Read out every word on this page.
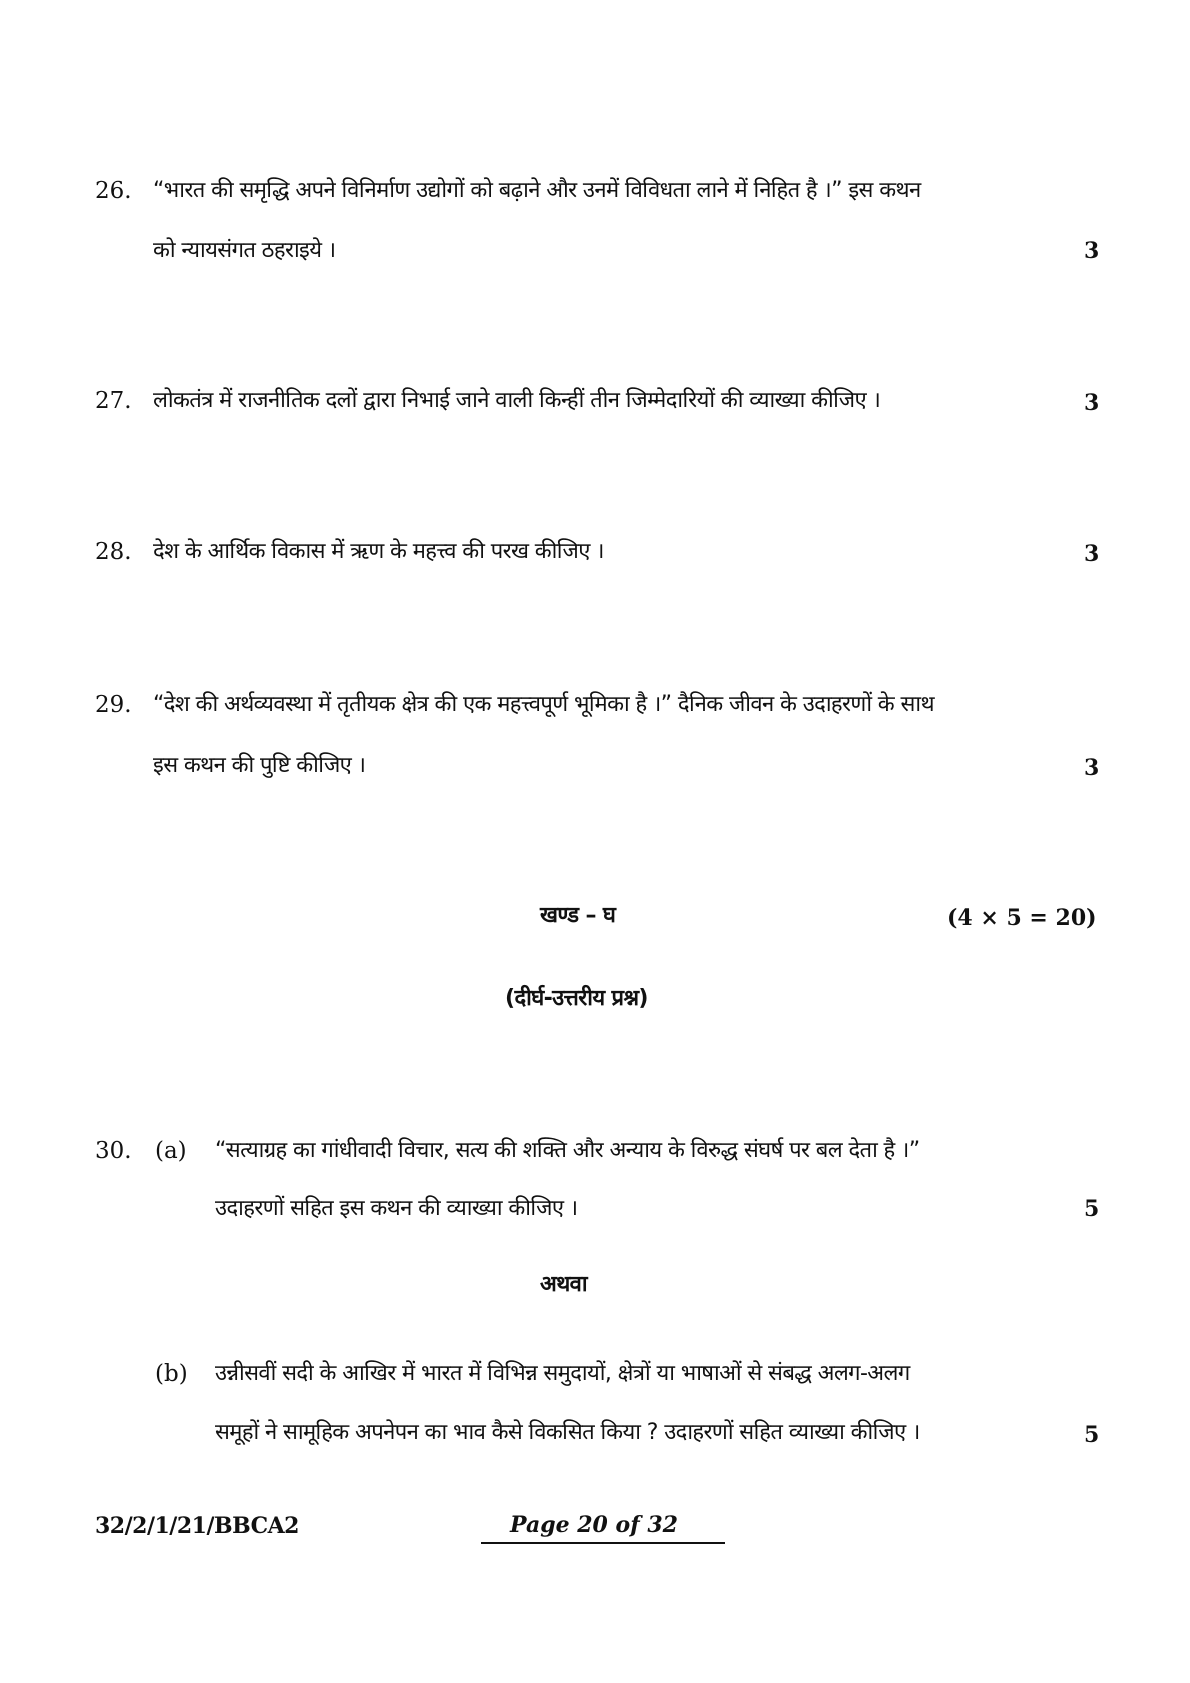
26. “भारत की समृद्धि अपने विनिर्माण उद्योगों को बढ़ाने और उनमें विविधता लाने में निहित है ।” इस कथन
को न्यायसंगत ठहराइये ।	3
27. लोकतंत्र में राजनीतिक दलों द्वारा निभाई जाने वाली किन्हीं तीन जिम्मेदारियों की व्याख्या कीजिए ।	3
28. देश के आर्थिक विकास में ऋण के महत्त्व की परख कीजिए ।	3
29. “देश की अर्थव्यवस्था में तृतीयक क्षेत्र की एक महत्त्वपूर्ण भूमिका है ।” दैनिक जीवन के उदाहरणों के साथ
इस कथन की पुष्टि कीजिए ।	3
खण्ड – घ	(4 × 5 = 20)
(दीर्घ-उत्तरीय प्रश्न)
30. (a) “सत्याग्रह का गांधीवादी विचार, सत्य की शक्ति और अन्याय के विरुद्ध संघर्ष पर बल देता है ।”
उदाहरणों सहित इस कथन की व्याख्या कीजिए ।	5
अथवा
(b) उन्नीसवीं सदी के आखिर में भारत में विभिन्न समुदायों, क्षेत्रों या भाषाओं से संबद्ध अलग-अलग
समूहों ने सामूहिक अपनेपन का भाव कैसे विकसित किया ? उदाहरणों सहित व्याख्या कीजिए ।	5
32/2/1/21/BBCA2	Page 20 of 32
